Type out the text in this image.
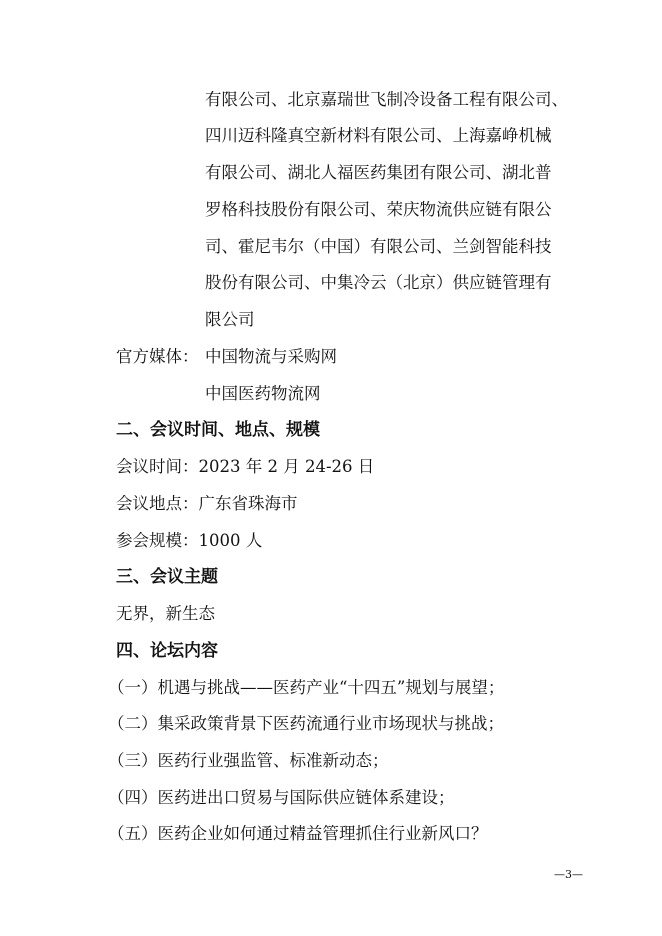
有限公司、北京嘉瑞世飞制冷设备工程有限公司、
四川迈科隆真空新材料有限公司、上海嘉峥机械
有限公司、湖北人福医药集团有限公司、湖北普
罗格科技股份有限公司、荣庆物流供应链有限公
司、霍尼韦尔（中国）有限公司、兰剑智能科技
股份有限公司、中集冷云（北京）供应链管理有
限公司
官方媒体： 中国物流与采购网
中国医药物流网
二、会议时间、地点、规模
会议时间：2023 年 2 月 24-26 日
会议地点：广东省珠海市
参会规模：1000 人
三、会议主题
无界，新生态
四、论坛内容
（一）机遇与挑战——医药产业“十四五”规划与展望；
（二）集采政策背景下医药流通行业市场现状与挑战；
（三）医药行业强监管、标准新动态；
（四）医药进出口贸易与国际供应链体系建设；
（五）医药企业如何通过精益管理抓住行业新风口？
—3—
